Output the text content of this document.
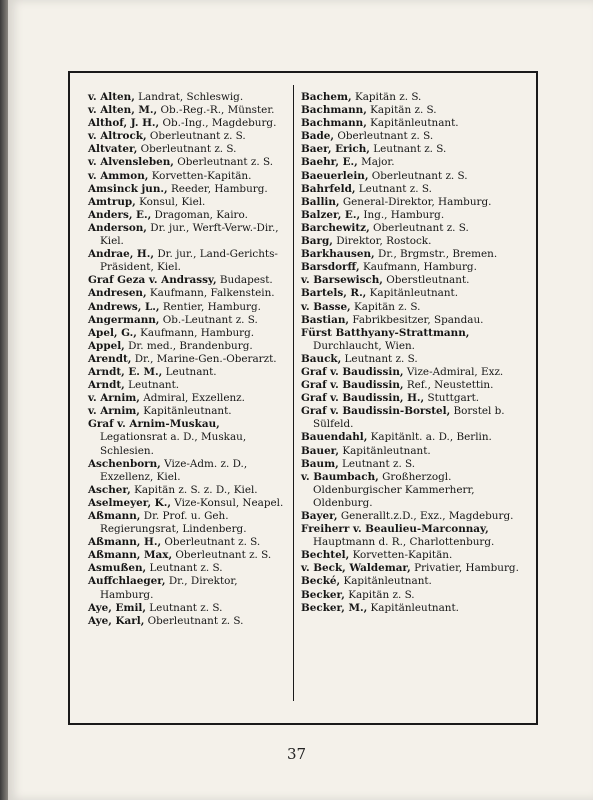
v. Alten, Landrat, Schleswig.

v. Alten, M., Ob.-Reg.-R., Münster.

Althof, J. H., Ob.-Ing., Magdeburg.

v. Altrock, Oberleutnant z. S.

Altvater, Oberleutnant z. S.

v. Alvensleben, Oberleutnant z. S.

v. Ammon, Korvetten-Kapitän.

Amsinck jun., Reeder, Hamburg.

Amtrup, Konsul, Kiel.

Anders, E., Dragoman, Kairo.

Anderson, Dr. jur., Werft-Verw.-Dir., Kiel.

Andrae, H., Dr. jur., Land-Gerichts-Präsident, Kiel.

Graf Geza v. Andrassy, Budapest.

Andresen, Kaufmann, Falkenstein.

Andrews, L., Rentier, Hamburg.

Angermann, Ob.-Leutnant z. S.

Apel, G., Kaufmann, Hamburg.

Appel, Dr. med., Brandenburg.

Arendt, Dr., Marine-Gen.-Oberarzt.

Arndt, E. M., Leutnant.

Arndt, Leutnant.

v. Arnim, Admiral, Exzellenz.

v. Arnim, Kapitänleutnant.

Graf v. Arnim-Muskau, Legationsrat a. D., Muskau, Schlesien.

Aschenborn, Vize-Adm. z. D., Exzellenz, Kiel.

Ascher, Kapitän z. S. z. D., Kiel.

Aselmeyer, K., Vize-Konsul, Neapel.

Aßmann, Dr. Prof. u. Geh. Regierungsrat, Lindenberg.

Aßmann, H., Oberleutnant z. S.

Aßmann, Max, Oberleutnant z. S.

Asmußen, Leutnant z. S.

Auffchlaeger, Dr., Direktor, Hamburg.

Aye, Emil, Leutnant z. S.

Aye, Karl, Oberleutnant z. S.

Bachem, Kapitän z. S.

Bachmann, Kapitän z. S.

Bachmann, Kapitänleutnant.

Bade, Oberleutnant z. S.

Baer, Erich, Leutnant z. S.

Baehr, E., Major.

Baeuerlein, Oberleutnant z. S.

Bahrfeld, Leutnant z. S.

Ballin, General-Direktor, Hamburg.

Balzer, E., Ing., Hamburg.

Barchewitz, Oberleutnant z. S.

Barg, Direktor, Rostock.

Barkhausen, Dr., Brgmstr., Bremen.

Barsdorff, Kaufmann, Hamburg.

v. Barsewisch, Oberstleutnant.

Bartels, R., Kapitänleutnant.

v. Basse, Kapitän z. S.

Bastian, Fabrikbesitzer, Spandau.

Fürst Batthyany-Strattmann, Durchlaucht, Wien.

Bauck, Leutnant z. S.

Graf v. Baudissin, Vize-Admiral, Exz.

Graf v. Baudissin, Ref., Neustettin.

Graf v. Baudissin, H., Stuttgart.

Graf v. Baudissin-Borstel, Borstel b. Sülfeld.

Bauendahl, Kapitänlt. a. D., Berlin.

Bauer, Kapitänleutnant.

Baum, Leutnant z. S.

v. Baumbach, Großherzogl. Oldenburgischer Kammerherr, Oldenburg.

Bayer, Generallt.z.D., Exz., Magdeburg.

Freiherr v. Beaulieu-Marconnay, Hauptmann d. R., Charlottenburg.

Bechtel, Korvetten-Kapitän.

v. Beck, Waldemar, Privatier, Hamburg.

Becké, Kapitänleutnant.

Becker, Kapitän z. S.

Becker, M., Kapitänleutnant.

37
